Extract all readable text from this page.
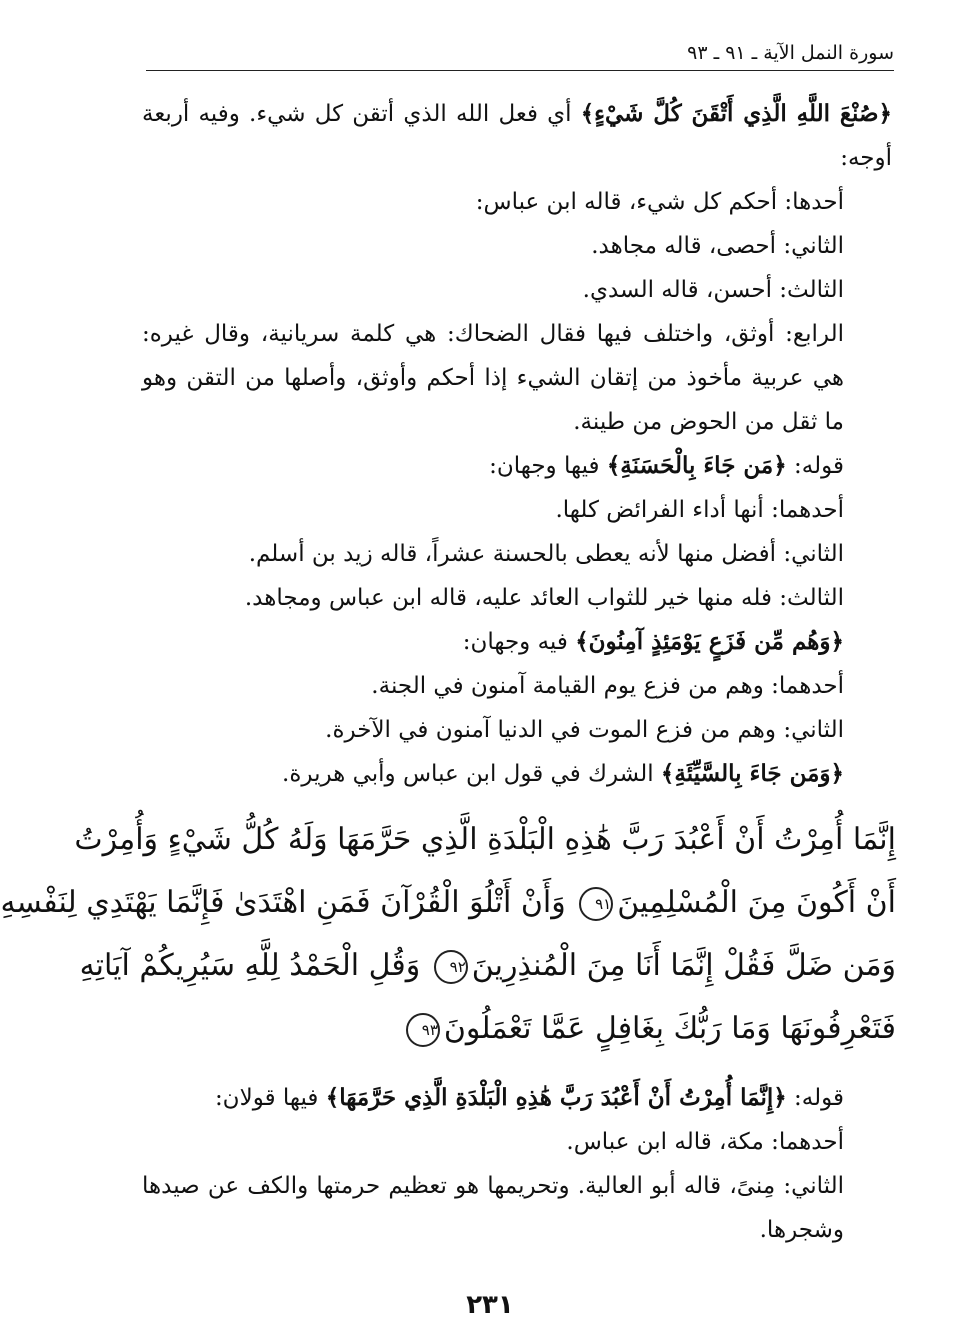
سورة النمل الآية ـ ٩١ ـ ٩٣

﴿صُنْعَ اللَّهِ الَّذِي أَتْقَنَ كُلَّ شَيْءٍ﴾ أي فعل الله الذي أتقن كل شيء. وفيه أربعة أوجه:

أحدها: أحكم كل شيء، قاله ابن عباس:

الثاني: أحصى، قاله مجاهد.

الثالث: أحسن، قاله السدي.

الرابع: أوثق، واختلف فيها فقال الضحاك: هي كلمة سريانية، وقال غيره: هي عربية مأخوذ من إتقان الشيء إذا أحكم وأوثق، وأصلها من التقن وهو ما ثقل من الحوض من طينة.

قوله: ﴿مَن جَاءَ بِالْحَسَنَةِ﴾ فيها وجهان:

أحدهما: أنها أداء الفرائض كلها.

الثاني: أفضل منها لأنه يعطى بالحسنة عشراً، قاله زيد بن أسلم.

الثالث: فله منها خير للثواب العائد عليه، قاله ابن عباس ومجاهد.

﴿وَهُم مِّن فَزَعٍ يَوْمَئِذٍ آمِنُونَ﴾ فيه وجهان:

أحدهما: وهم من فزع يوم القيامة آمنون في الجنة.

الثاني: وهم من فزع الموت في الدنيا آمنون في الآخرة.

﴿وَمَن جَاءَ بِالسَّيِّئَةِ﴾ الشرك في قول ابن عباس وأبي هريرة.

إِنَّمَا أُمِرْتُ أَنْ أَعْبُدَ رَبَّ هَٰذِهِ الْبَلْدَةِ الَّذِي حَرَّمَهَا وَلَهُ كُلُّ شَيْءٍ وَأُمِرْتُ
أَنْ أَكُونَ مِنَ الْمُسْلِمِينَ٩١ وَأَنْ أَتْلُوَ الْقُرْآنَ فَمَنِ اهْتَدَىٰ فَإِنَّمَا يَهْتَدِي لِنَفْسِهِ
وَمَن ضَلَّ فَقُلْ إِنَّمَا أَنَا مِنَ الْمُنذِرِينَ٩٢ وَقُلِ الْحَمْدُ لِلَّهِ سَيُرِيكُمْ آيَاتِهِ
فَتَعْرِفُونَهَا وَمَا رَبُّكَ بِغَافِلٍ عَمَّا تَعْمَلُونَ٩٣

قوله: ﴿إِنَّمَا أُمِرْتُ أَنْ أَعْبُدَ رَبَّ هَٰذِهِ الْبَلْدَةِ الَّذِي حَرَّمَهَا﴾ فيها قولان:

أحدهما: مكة، قاله ابن عباس.

الثاني: مِنىً، قاله أبو العالية. وتحريمها هو تعظيم حرمتها والكف عن صيدها وشجرها.

٢٣١
